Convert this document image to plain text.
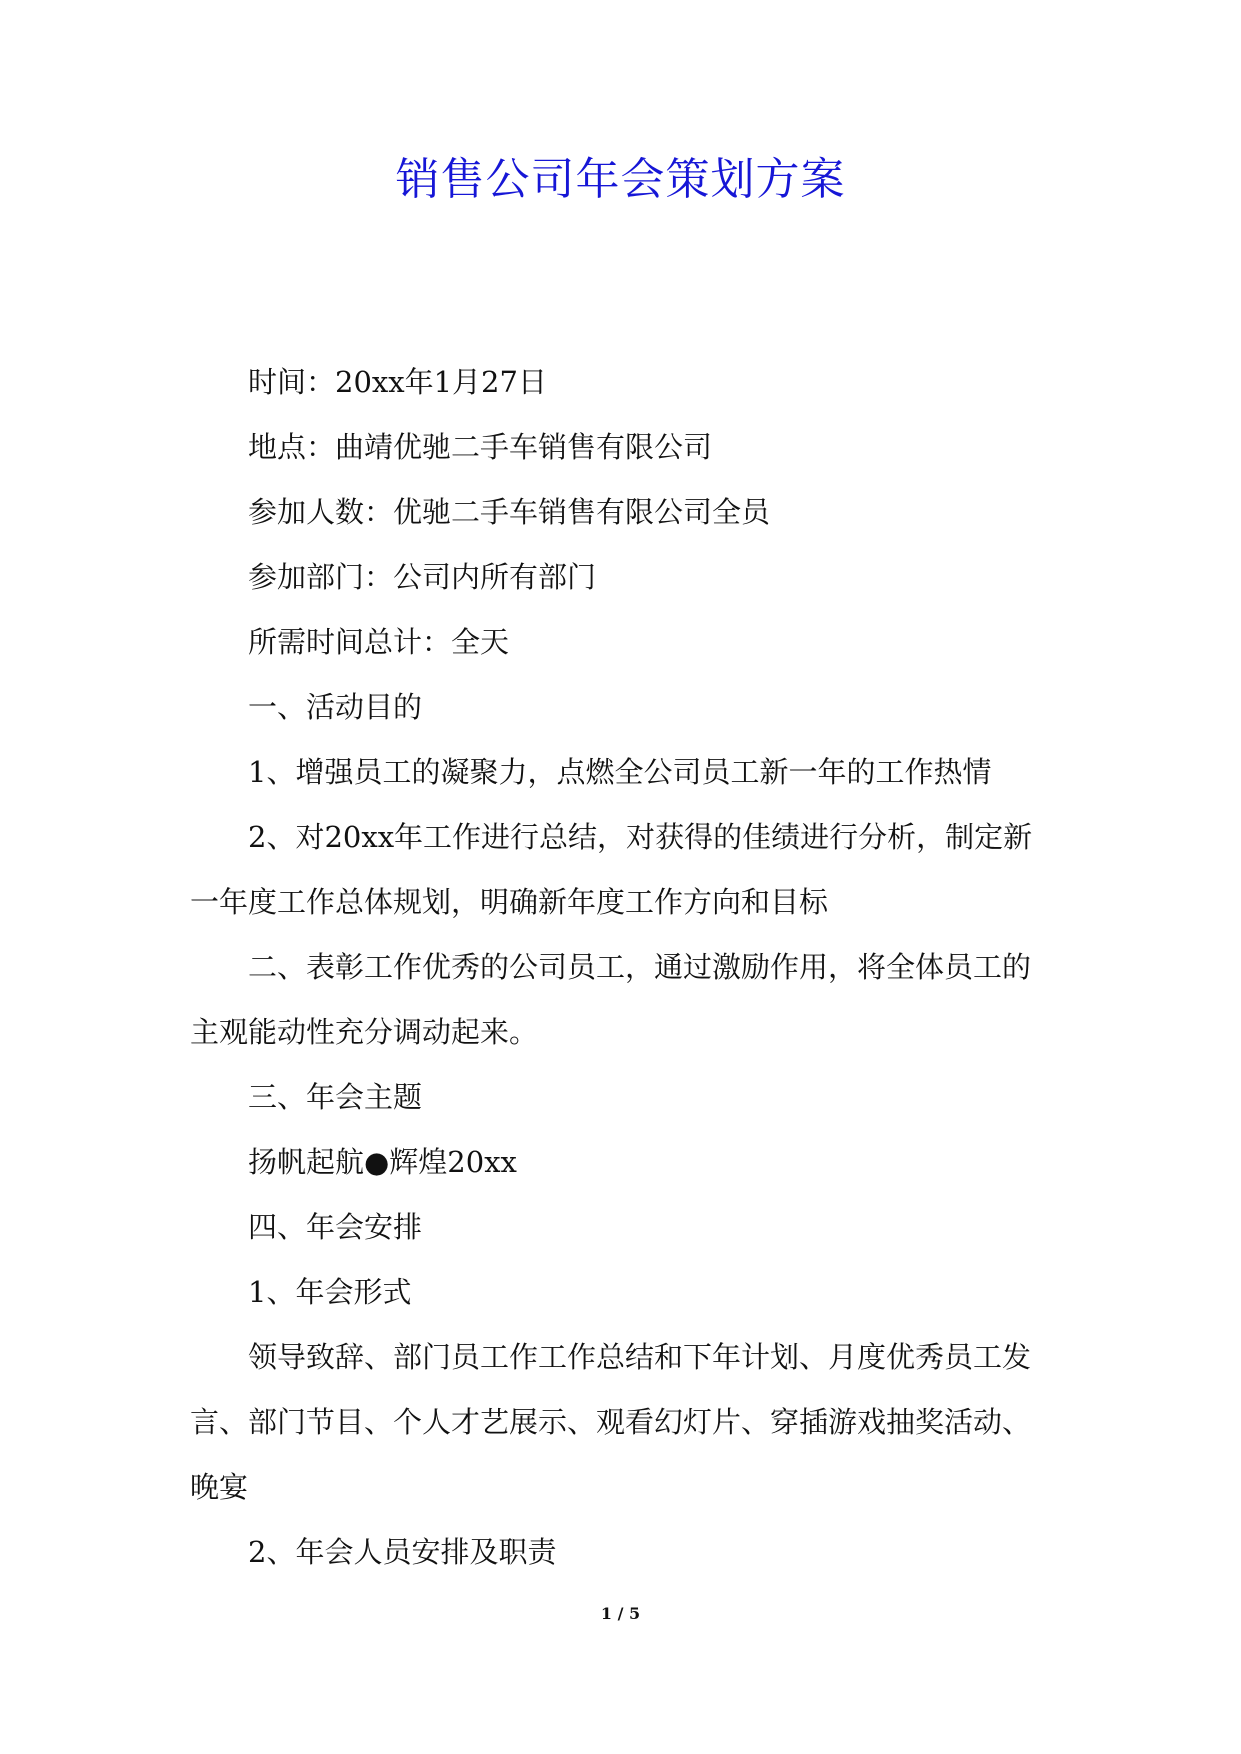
销售公司年会策划方案

时间：20xx年1月27日

地点：曲靖优驰二手车销售有限公司

参加人数：优驰二手车销售有限公司全员

参加部门：公司内所有部门

所需时间总计：全天

一、活动目的

1、增强员工的凝聚力，点燃全公司员工新一年的工作热情

2、对20xx年工作进行总结，对获得的佳绩进行分析，制定新一年度工作总体规划，明确新年度工作方向和目标

二、表彰工作优秀的公司员工，通过激励作用，将全体员工的主观能动性充分调动起来。

三、年会主题

扬帆起航●辉煌20xx

四、年会安排

1、年会形式

领导致辞、部门员工作工作总结和下年计划、月度优秀员工发言、部门节目、个人才艺展示、观看幻灯片、穿插游戏抽奖活动、晚宴

2、年会人员安排及职责

1 / 5
